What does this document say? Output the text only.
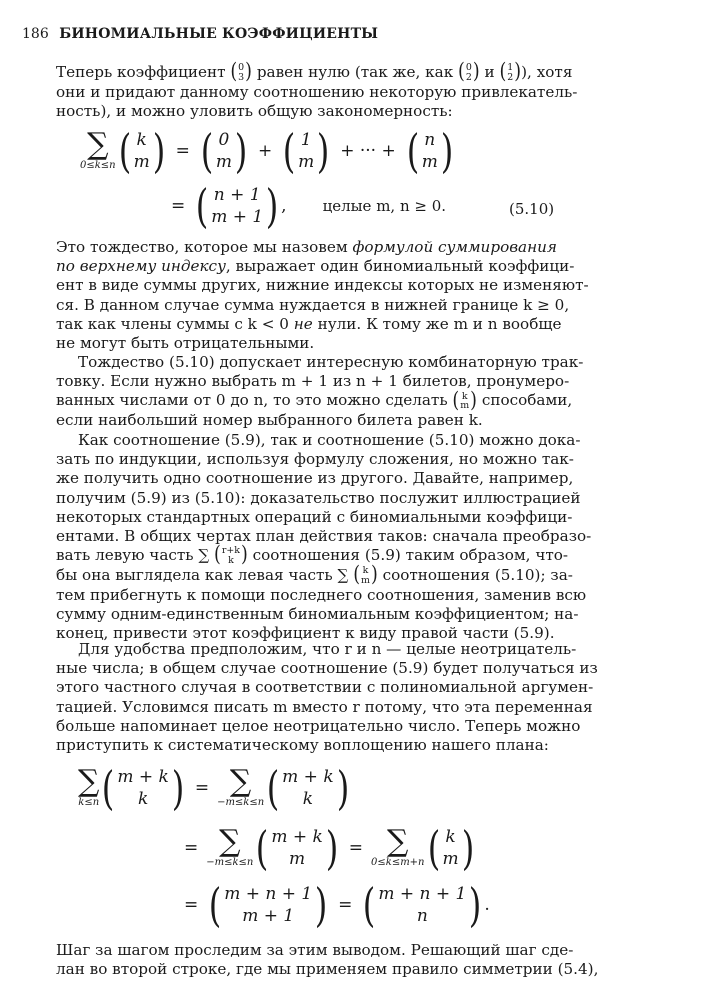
186 БИНОМИАЛЬНЫЕ КОЭФФИЦИЕНТЫ
Теперь коэффициент ( 0
3 ) равен нулю (так же, как ( 0
2 ) и ( 1
2 ) ), хотя
они и придают данному соотношению некоторую привлекатель-
ность), и можно уловить общую закономерность:
∑
0≤k≤n ( k
m ) = ( 0
m ) + ( 1
m ) + ··· + ( n
m )
= ( n + 1
m + 1 ) , целые m, n ≥ 0.	(5.10)
Это тождество, которое мы назовем формулой суммирования
по верхнему индексу, выражает один биномиальный коэффици-
ент в виде суммы других, нижние индексы которых не изменяют-
ся. В данном случае сумма нуждается в нижней границе k ≥ 0,
так как члены суммы с k < 0 не нули. К тому же m и n вообще
не могут быть отрицательными.
Тождество (5.10) допускает интересную комбинаторную трак-
товку. Если нужно выбрать m + 1 из n + 1 билетов, пронумеро-
ванных числами от 0 до n, то это можно сделать ( k
m ) способами,
если наибольший номер выбранного билета равен k.
Как соотношение (5.9), так и соотношение (5.10) можно дока-
зать по индукции, используя формулу сложения, но можно так-
же получить одно соотношение из другого. Давайте, например,
получим (5.9) из (5.10): доказательство послужит иллюстрацией
некоторых стандартных операций с биномиальными коэффици-
ентами. В общих чертах план действия таков: сначала преобразо-
вать левую часть ∑ ( r+k
k ) соотношения (5.9) таким образом, что-
бы она выглядела как левая часть ∑ ( k
m ) соотношения (5.10); за-
тем прибегнуть к помощи последнего соотношения, заменив всю
сумму одним-единственным биномиальным коэффициентом; на-
конец, привести этот коэффициент к виду правой части (5.9).
Для удобства предположим, что r и n — целые неотрицатель-
ные числа; в общем случае соотношение (5.9) будет получаться из
этого частного случая в соответствии с полиномиальной аргумен-
тацией. Условимся писать m вместо r потому, что эта переменная
больше напоминает целое неотрицательно число. Теперь можно
приступить к систематическому воплощению нашего плана:
∑
k≤n ( m + k
k ) = ∑
−m≤k≤n ( m + k
k )
= ∑
−m≤k≤n ( m + k
m ) = ∑
0≤k≤m+n ( k
m )
= ( m + n + 1
m + 1 ) = ( m + n + 1
n ) .
Шаг за шагом проследим за этим выводом. Решающий шаг сде-
лан во второй строке, где мы применяем правило симметрии (5.4),
